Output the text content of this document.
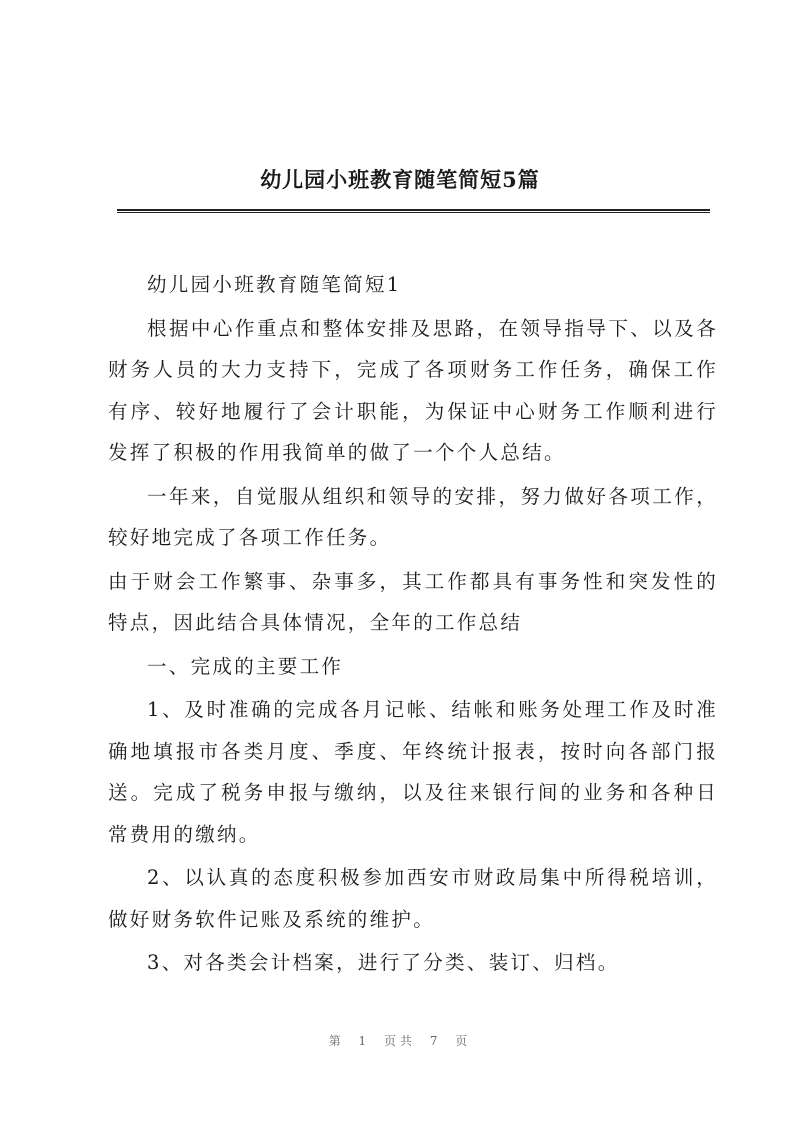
幼儿园小班教育随笔简短5篇

幼儿园小班教育随笔简短1

根据中心作重点和整体安排及思路，在领导指导下、以及各财务人员的大力支持下，完成了各项财务工作任务，确保工作有序、较好地履行了会计职能，为保证中心财务工作顺利进行发挥了积极的作用我简单的做了一个个人总结。

一年来，自觉服从组织和领导的安排，努力做好各项工作，较好地完成了各项工作任务。

由于财会工作繁事、杂事多，其工作都具有事务性和突发性的特点，因此结合具体情况，全年的工作总结

一、完成的主要工作

1、及时准确的完成各月记帐、结帐和账务处理工作及时准确地填报市各类月度、季度、年终统计报表，按时向各部门报送。完成了税务申报与缴纳，以及往来银行间的业务和各种日常费用的缴纳。

2、以认真的态度积极参加西安市财政局集中所得税培训，做好财务软件记账及系统的维护。

3、对各类会计档案，进行了分类、装订、归档。

第 1 页共 7 页
